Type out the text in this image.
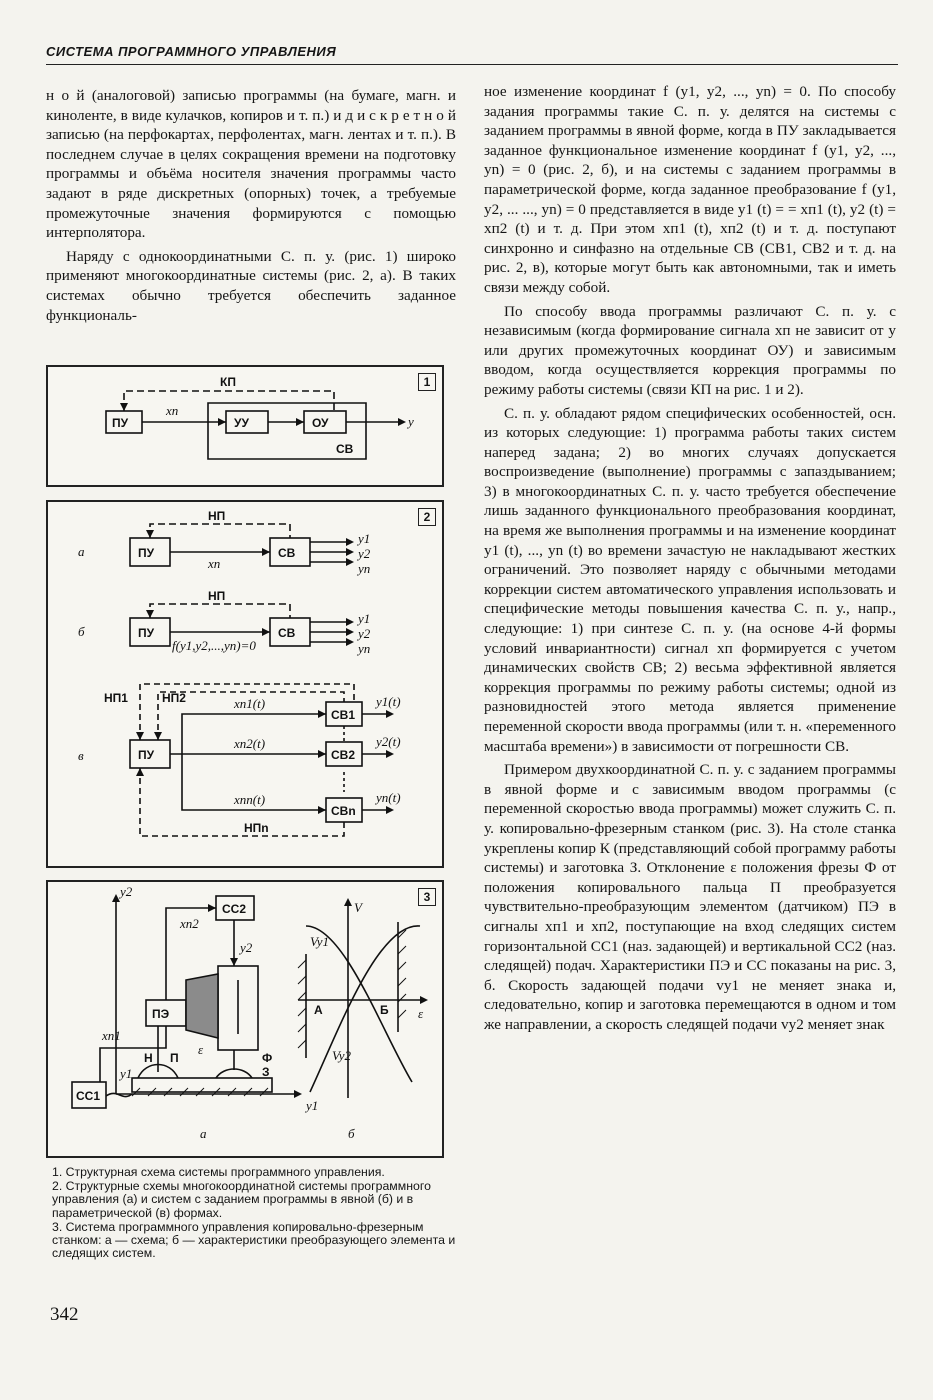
СИСТЕМА ПРОГРАММНОГО УПРАВЛЕНИЯ

н о й (аналоговой) записью программы (на бумаге, магн. и киноленте, в виде кулачков, копиров и т. п.) и д и с к р е т н о й записью (на перфокартах, перфолентах, магн. лентах и т. п.). В последнем случае в целях сокращения времени на подготовку программы и объёма носителя значения программы часто задают в ряде дискретных (опорных) точек, а требуемые промежуточные значения формируются с помощью интерполятора.

Наряду с однокоординатными С. п. у. (рис. 1) широко применяют многокоординатные системы (рис. 2, а). В таких системах обычно требуется обеспечить заданное функциональ-

1
ПУ	УУ	ОУ
КП
xп
y
СВ
2
а	ПУ	СВ
НП
xп
y1
y2
yn
б	ПУ	СВ
НП
f(y1,y2,...,yn)=0
y1
y2
yn
в	ПУ
НП1	НП2
НПn
xп1(t)
xп2(t)
xпn(t)
СВ1
СВ2
СВn
y1(t)
y2(t)
yn(t)
3
y2
y1
СС2
СС1
ПЭ
xп2
xп1
y2
y1
Н П
ε
Ф
З
V
Vy1
Vy2
А	Б ε
а	б

1. Структурная схема системы программного управления.

2. Структурные схемы многокоординатной системы программного управления (а) и систем с заданием программы в явной (б) и в параметрической (в) формах.

3. Система программного управления копировально-фрезерным станком: а — схема; б — характеристики преобразующего элемента и следящих систем.

342

ное изменение координат f (y1, y2, ..., yn) = 0. По способу задания программы такие С. п. у. делятся на системы с заданием программы в явной форме, когда в ПУ закладывается заданное функциональное изменение координат f (y1, y2, ..., yn) = 0 (рис. 2, б), и на системы с заданием программы в параметрической форме, когда заданное преобразование f (y1, y2, ... ..., yn) = 0 представляется в виде y1 (t) = = xп1 (t), y2 (t) = xп2 (t) и т. д. При этом xп1 (t), xп2 (t) и т. д. поступают синхронно и синфазно на отдельные СВ (СВ1, СВ2 и т. д. на рис. 2, в), которые могут быть как автономными, так и иметь связи между собой.

По способу ввода программы различают С. п. у. с независимым (когда формирование сигнала xп не зависит от y или других промежуточных координат ОУ) и зависимым вводом, когда осуществляется коррекция программы по режиму работы системы (связи КП на рис. 1 и 2).

С. п. у. обладают рядом специфических особенностей, осн. из которых следующие: 1) программа работы таких систем наперед задана; 2) во многих случаях допускается воспроизведение (выполнение) программы с запаздыванием; 3) в многокоординатных С. п. у. часто требуется обеспечение лишь заданного функционального преобразования координат, на время же выполнения программы и на изменение координат y1 (t), ..., yn (t) во времени зачастую не накладывают жестких ограничений. Это позволяет наряду с обычными методами коррекции систем автоматического управления использовать и специфические методы повышения качества С. п. у., напр., следующие: 1) при синтезе С. п. у. (на основе 4-й формы условий инвариантности) сигнал xп формируется с учетом динамических свойств СВ; 2) весьма эффективной является коррекция программы по режиму работы системы; одной из разновидностей этого метода является применение переменной скорости ввода программы (или т. н. «переменного масштаба времени») в зависимости от погрешности СВ.

Примером двухкоординатной С. п. у. с заданием программы в явной форме и с зависимым вводом программы (с переменной скоростью ввода программы) может служить С. п. у. копировально-фрезерным станком (рис. 3). На столе станка укреплены копир К (представляющий собой программу работы системы) и заготовка З. Отклонение ε положения фрезы Ф от положения копировального пальца П преобразуется чувствительно-преобразующим элементом (датчиком) ПЭ в сигналы xп1 и xп2, поступающие на вход следящих систем горизонтальной СС1 (наз. задающей) и вертикальной СС2 (наз. следящей) подач. Характеристики ПЭ и СС показаны на рис. 3, б. Скорость задающей подачи vy1 не меняет знака и, следовательно, копир и заготовка перемещаются в одном и том же направлении, а скорость следящей подачи vy2 меняет знак
